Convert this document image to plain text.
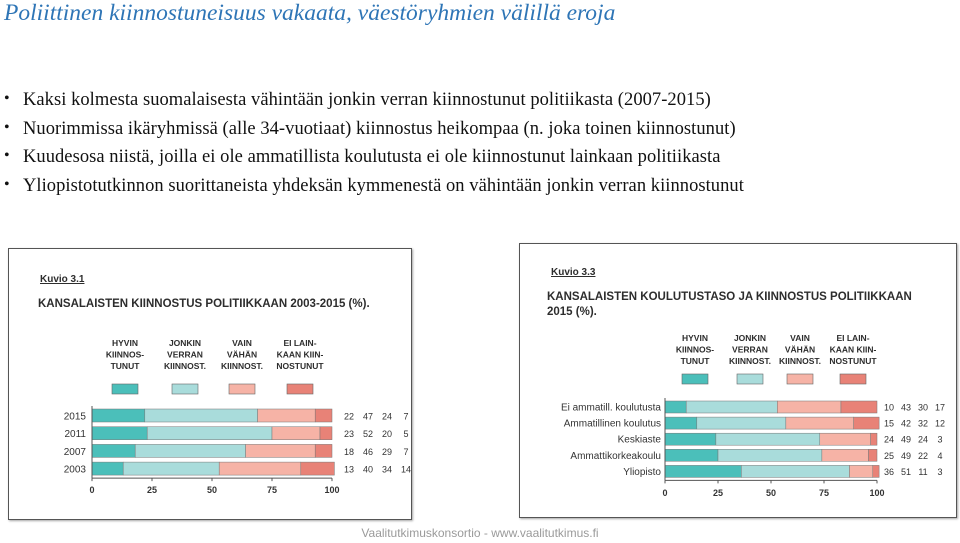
Poliittinen kiinnostuneisuus vakaata, väestöryhmien välillä eroja
• Kaksi kolmesta suomalaisesta vähintään jonkin verran kiinnostunut politiikasta (2007-2015)
• Nuorimmissa ikäryhmissä (alle 34-vuotiaat) kiinnostus heikompaa (n. joka toinen kiinnostunut)
• Kuudesosa niistä, joilla ei ole ammatillista koulutusta ei ole kiinnostunut lainkaan politiikasta
• Yliopistotutkinnon suorittaneista yhdeksän kymmenestä on vähintään jonkin verran kiinnostunut
Kuvio 3.1
KANSALAISTEN KIINNOSTUS POLITIIKKAAN 2003-2015 (%).
HYVIN
KIINNOS-
TUNUT
JONKIN
VERRAN
KIINNOST.
VAIN
VÄHÄN
KIINNOST.
EI LAIN-
KAAN KIIN-
NOSTUNUT
2015	22 47 24 7
2011	23 52 20 5
2007	18 46 29 7
2003	13 40 34 14
0	25	50	75	100
Kuvio 3.3
KANSALAISTEN KOULUTUSTASO JA KIINNOSTUS POLITIIKKAAN
2015 (%).
HYVIN
KIINNOS-
TUNUT
JONKIN
VERRAN
KIINNOST.
VAIN
VÄHÄN
KIINNOST.
EI LAIN-
KAAN KIIN-
NOSTUNUT
Ei ammatill. koulutusta	10 43 30 17
Ammatillinen koulutus	15 42 32 12
Keskiaste	24 49 24 3
Ammattikorkeakoulu	25 49 22 4
Yliopisto	36 51 11 3
0	25	50	75	100
Vaalitutkimuskonsortio - www.vaalitutkimus.fi
